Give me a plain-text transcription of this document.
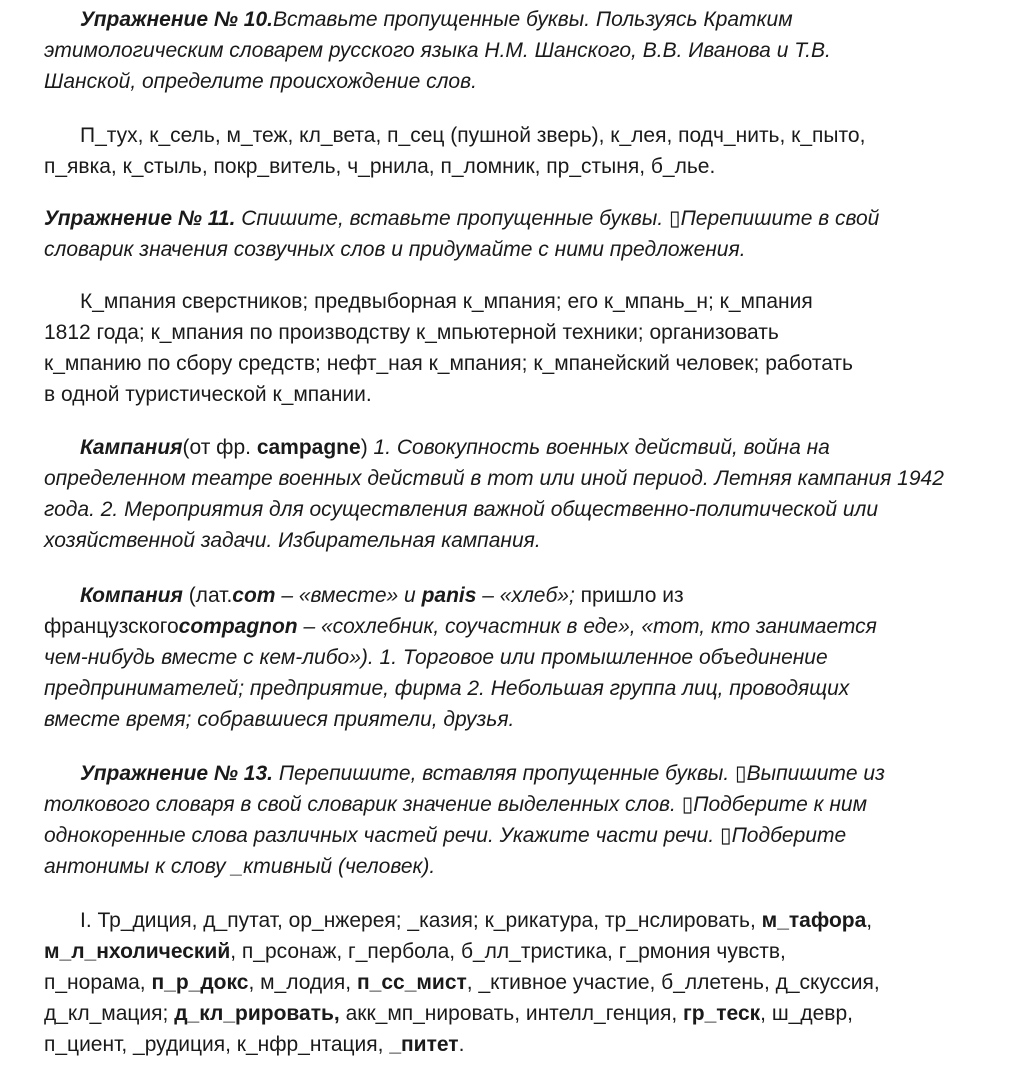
Упражнение № 10.Вставьте пропущенные буквы. Пользуясь Кратким
этимологическим словарем русского языка Н.М. Шанского, В.В. Иванова и Т.В.
Шанской, определите происхождение слов.
П_тух, к_сель, м_теж, кл_вета, п_сец (пушной зверь), к_лея, подч_нить, к_пыто,
п_явка, к_стыль, покр_витель, ч_рнила, п_ломник, пр_стыня, б_лье.
Упражнение № 11. Спишите, вставьте пропущенные буквы. ▯Перепишите в свой
словарик значения созвучных слов и придумайте с ними предложения.
К_мпания сверстников; предвыборная к_мпания; его к_мпань_н; к_мпания
1812 года; к_мпания по производству к_мпьютерной техники; организовать
к_мпанию по сбору средств; нефт_ная к_мпания; к_мпанейский человек; работать
в одной туристической к_мпании.
Кампания(от фр. campagne) 1. Совокупность военных действий, война на
определенном театре военных действий в тот или иной период. Летняя кампания 1942
года. 2. Мероприятия для осуществления важной общественно-политической или
хозяйственной задачи. Избирательная кампания.
Компания (лат.com – «вместе» и panis – «хлеб»; пришло из
французскогоcompagnon – «сохлебник, соучастник в еде», «тот, кто занимается
чем-нибудь вместе с кем-либо»). 1. Торговое или промышленное объединение
предпринимателей; предприятие, фирма 2. Небольшая группа лиц, проводящих
вместе время; собравшиеся приятели, друзья.
Упражнение № 13. Перепишите, вставляя пропущенные буквы. ▯Выпишите из
толкового словаря в свой словарик значение выделенных слов. ▯Подберите к ним
однокоренные слова различных частей речи. Укажите части речи. ▯Подберите
антонимы к слову _ктивный (человек).
I. Тр_диция, д_путат, ор_нжерея; _казия; к_рикатура, тр_нслировать, м_тафора,
м_л_нхолический, п_рсонаж, г_пербола, б_лл_тристика, г_рмония чувств,
п_норама, п_р_докс, м_лодия, п_сс_мист, _ктивное участие, б_ллетень, д_скуссия,
д_кл_мация; д_кл_рировать, акк_мп_нировать, интелл_генция, гр_теск, ш_девр,
п_циент, _рудиция, к_нфр_нтация, _питет.
